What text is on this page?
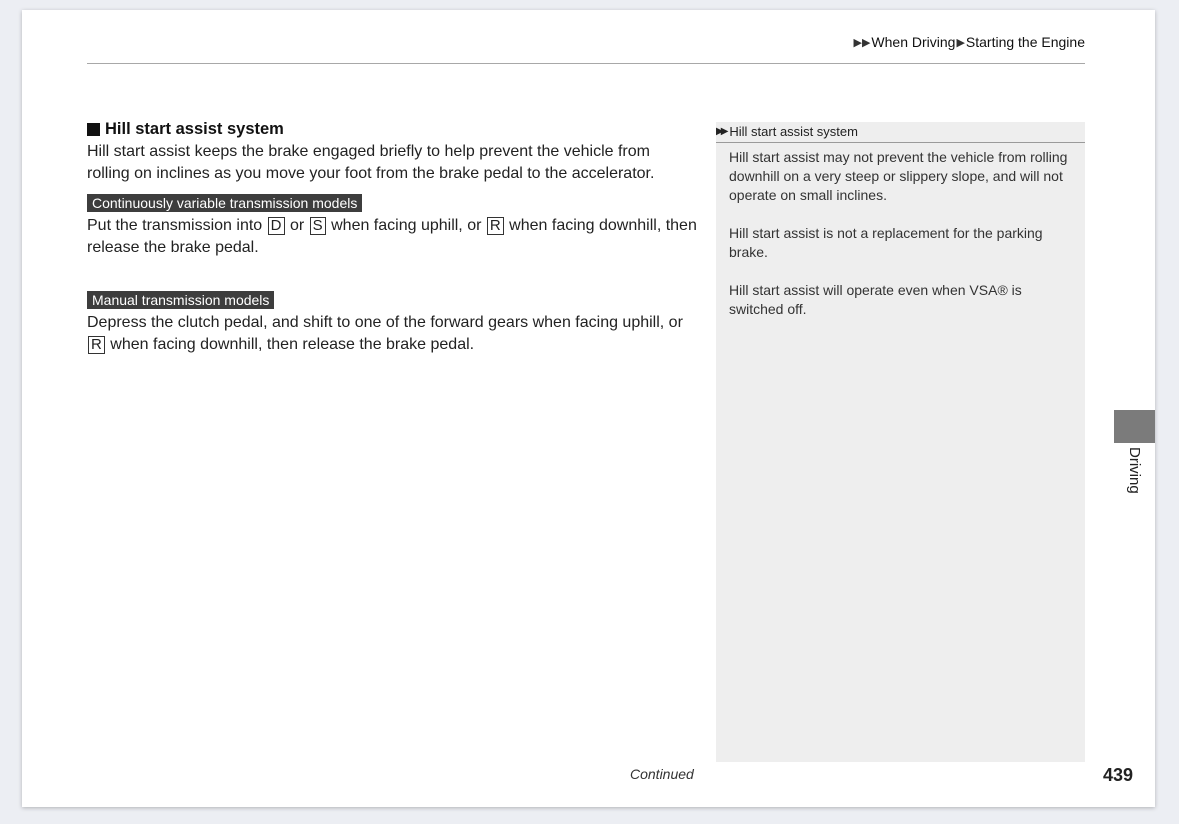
▶▶ When Driving ▶ Starting the Engine
Hill start assist system

Hill start assist keeps the brake engaged briefly to help prevent the vehicle from rolling on inclines as you move your foot from the brake pedal to the accelerator.

Continuously variable transmission models

Put the transmission into D or S when facing uphill, or R when facing downhill, then release the brake pedal.

Manual transmission models

Depress the clutch pedal, and shift to one of the forward gears when facing uphill, or R when facing downhill, then release the brake pedal.

▶▶ Hill start assist system

Hill start assist may not prevent the vehicle from rolling downhill on a very steep or slippery slope, and will not operate on small inclines.

Hill start assist is not a replacement for the parking brake.

Hill start assist will operate even when VSA® is switched off.

Driving
Continued	439
